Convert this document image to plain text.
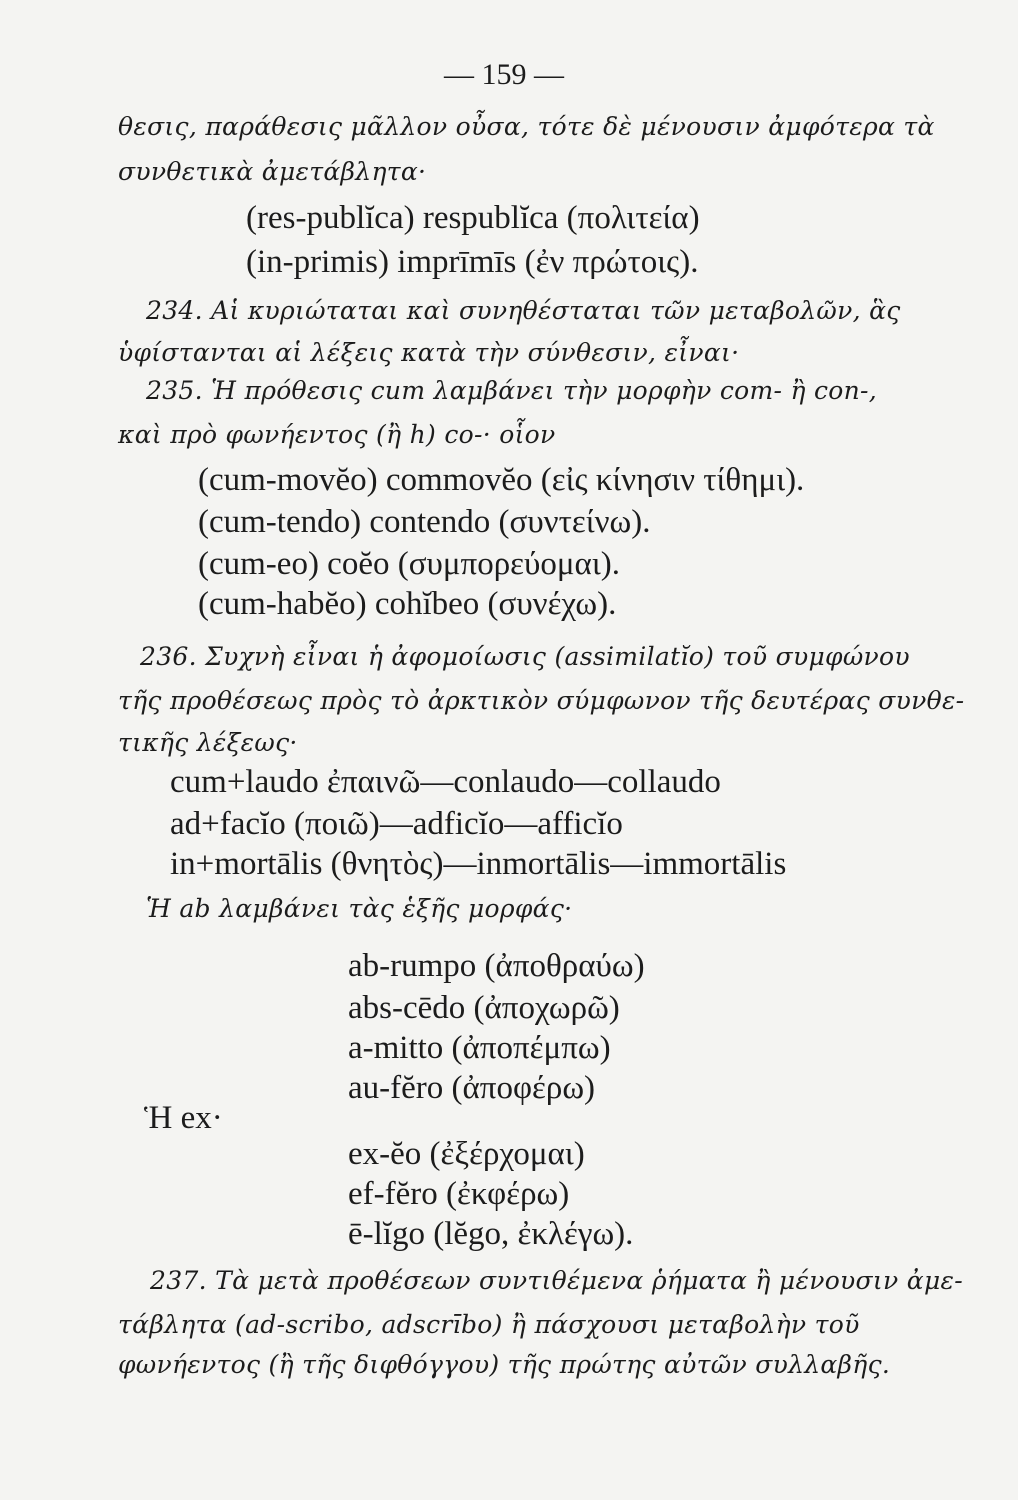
— 159 —
θεσις, παράθεσις μᾶλλον οὖσα, τότε δὲ μένουσιν ἀμφότερα τὰ
συνθετικὰ ἀμετάβλητα·
(res-publĭca) respublĭca (πολιτεία)
(in-primis) imprīmīs (ἐν πρώτοις).
234. Αἱ κυριώταται καὶ συνηθέσταται τῶν μεταβολῶν, ἃς
ὑφίστανται αἱ λέξεις κατὰ τὴν σύνθεσιν, εἶναι·
235. Ἡ πρόθεσις cum λαμβάνει τὴν μορφὴν com- ἢ con-,
καὶ πρὸ φωνήεντος (ἢ h) co-· οἷον
(cum-movĕo) commovĕo (εἰς κίνησιν τίθημι).
(cum-tendo) contendo (συντείνω).
(cum-eo) coĕo (συμπορεύομαι).
(cum-habĕo) cohĭbeo (συνέχω).
236. Συχνὴ εἶναι ἡ ἀφομοίωσις (assimilatĭo) τοῦ συμφώνου
τῆς προθέσεως πρὸς τὸ ἀρκτικὸν σύμφωνον τῆς δευτέρας συνθε-
τικῆς λέξεως·
cum+laudo ἐπαινῶ—conlaudo—collaudo
ad+facĭo (ποιῶ)—adficĭo—afficĭo
in+mortālis (θνητὸς)—inmortālis—immortālis
Ἡ ab λαμβάνει τὰς ἑξῆς μορφάς·
ab-rumpo (ἀποθραύω)
abs-cēdo (ἀποχωρῶ)
a-mitto (ἀποπέμπω)
au-fĕro (ἀποφέρω)
Ἡ ex·
ex-ĕo (ἐξέρχομαι)
ef-fĕro (ἐκφέρω)
ē-lĭgo (lĕgo, ἐκλέγω).
237. Τὰ μετὰ προθέσεων συντιθέμενα ῥήματα ἢ μένουσιν ἀμε-
τάβλητα (ad-scribo, adscrībo) ἢ πάσχουσι μεταβολὴν τοῦ
φωνήεντος (ἢ τῆς διφθόγγου) τῆς πρώτης αὐτῶν συλλαβῆς.
